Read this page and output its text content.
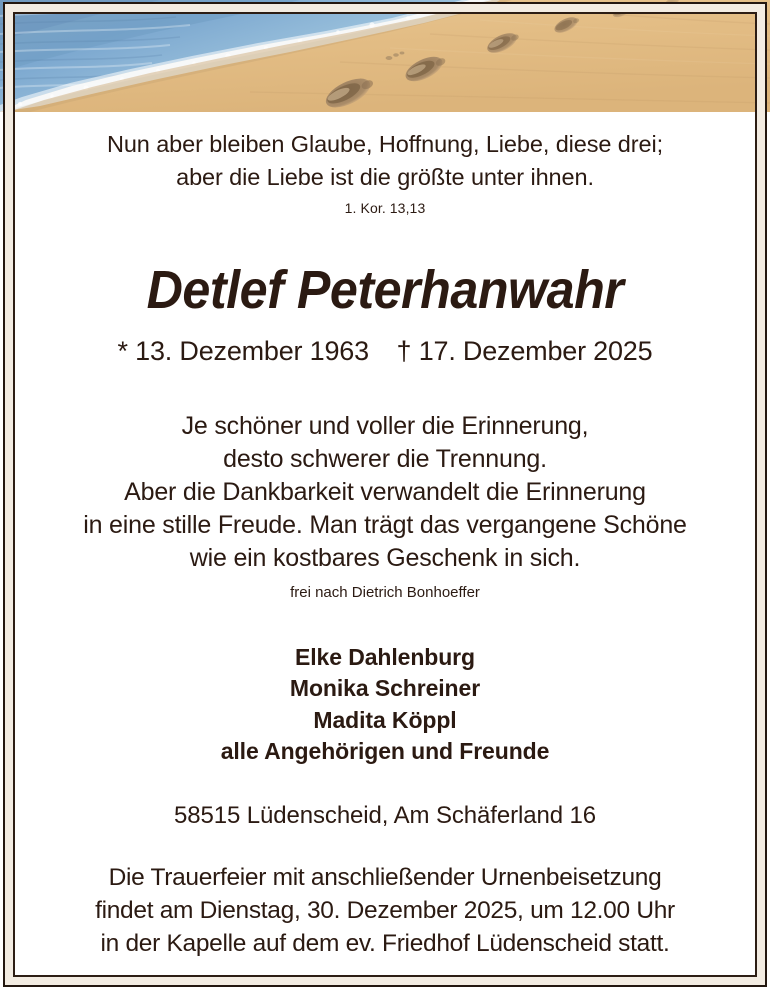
Nun aber bleiben Glaube, Hoffnung, Liebe, diese drei;
aber die Liebe ist die größte unter ihnen.
1. Kor. 13,13
Detlef Peterhanwahr
* 13. Dezember 1963 † 17. Dezember 2025
Je schöner und voller die Erinnerung,
desto schwerer die Trennung.
Aber die Dankbarkeit verwandelt die Erinnerung
in eine stille Freude. Man trägt das vergangene Schöne
wie ein kostbares Geschenk in sich.
frei nach Dietrich Bonhoeffer
Elke Dahlenburg
Monika Schreiner
Madita Köppl
alle Angehörigen und Freunde
58515 Lüdenscheid, Am Schäferland 16
Die Trauerfeier mit anschließender Urnenbeisetzung
findet am Dienstag, 30. Dezember 2025, um 12.00 Uhr
in der Kapelle auf dem ev. Friedhof Lüdenscheid statt.
